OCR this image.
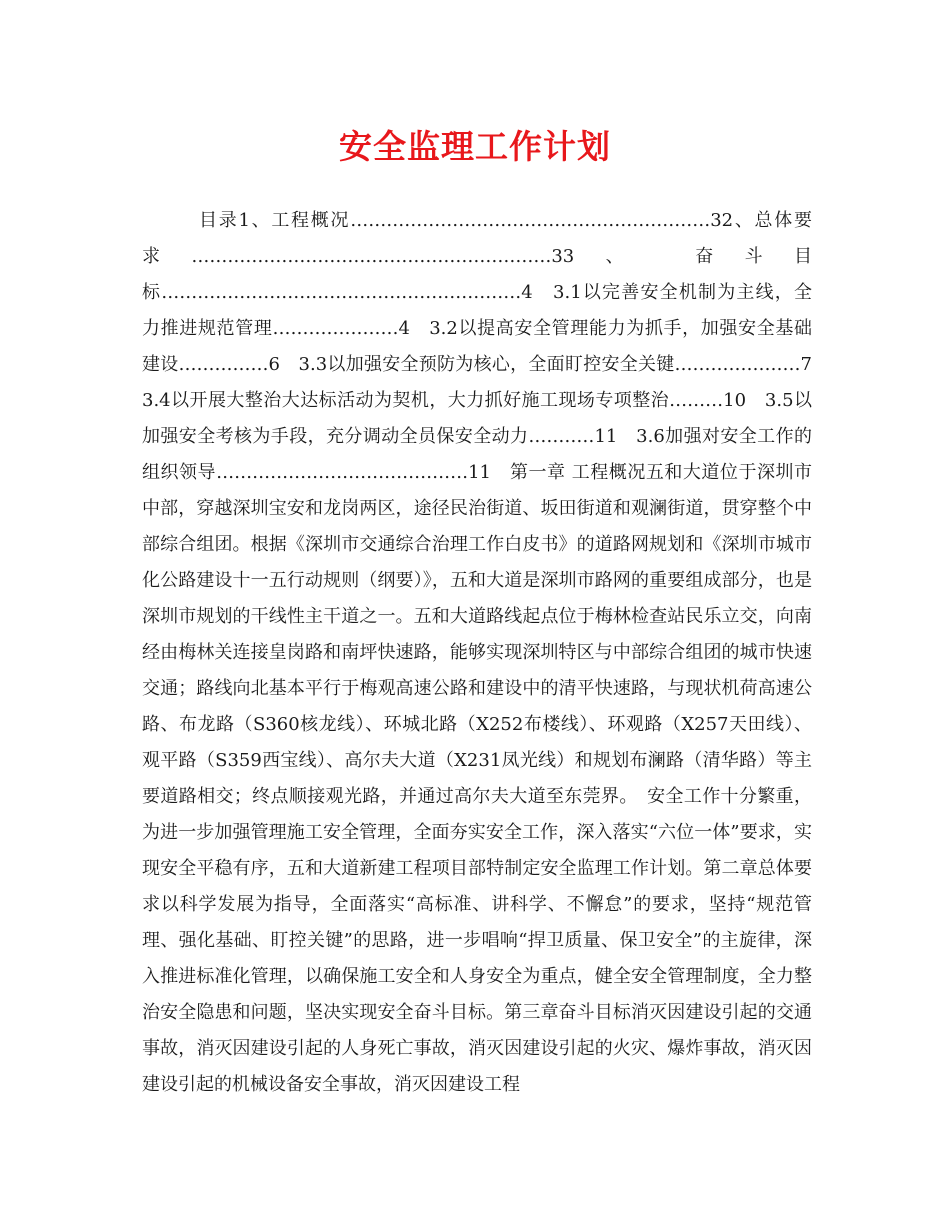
安全监理工作计划

目录1、工程概况……………………………………………………32、总体要求……………………………………………………33、　奋斗目标……………………………………………………4　3.1以完善安全机制为主线，全力推进规范管理…………………4　3.2以提高安全管理能力为抓手，加强安全基础建设……………6　3.3以加强安全预防为核心，全面盯控安全关键…………………7　3.4以开展大整治大达标活动为契机，大力抓好施工现场专项整治………10　3.5以加强安全考核为手段，充分调动全员保安全动力………‥11　3.6加强对安全工作的组织领导……………………………………11　第一章 工程概况五和大道位于深圳市中部，穿越深圳宝安和龙岗两区，途径民治街道、坂田街道和观澜街道，贯穿整个中部综合组团。根据《深圳市交通综合治理工作白皮书》的道路网规划和《深圳市城市化公路建设十一五行动规则（纲要）》，五和大道是深圳市路网的重要组成部分，也是深圳市规划的干线性主干道之一。五和大道路线起点位于梅林检查站民乐立交，向南经由梅林关连接皇岗路和南坪快速路，能够实现深圳特区与中部综合组团的城市快速交通；路线向北基本平行于梅观高速公路和建设中的清平快速路，与现状机荷高速公路、布龙路（S360核龙线）、环城北路（X252布楼线）、环观路（X257天田线）、观平路（S359西宝线）、高尔夫大道（X231凤光线）和规划布澜路（清华路）等主要道路相交；终点顺接观光路，并通过高尔夫大道至东莞界。　安全工作十分繁重，为进一步加强管理施工安全管理，全面夯实安全工作，深入落实“六位一体”要求，实现安全平稳有序，五和大道新建工程项目部特制定安全监理工作计划。第二章总体要求以科学发展为指导，全面落实“高标准、讲科学、不懈怠”的要求，坚持“规范管理、强化基础、盯控关键”的思路，进一步唱响“捍卫质量、保卫安全”的主旋律，深入推进标准化管理，以确保施工安全和人身安全为重点，健全安全管理制度，全力整治安全隐患和问题，坚决实现安全奋斗目标。第三章奋斗目标消灭因建设引起的交通事故，消灭因建设引起的人身死亡事故，消灭因建设引起的火灾、爆炸事故，消灭因建设引起的机械设备安全事故，消灭因建设工程
